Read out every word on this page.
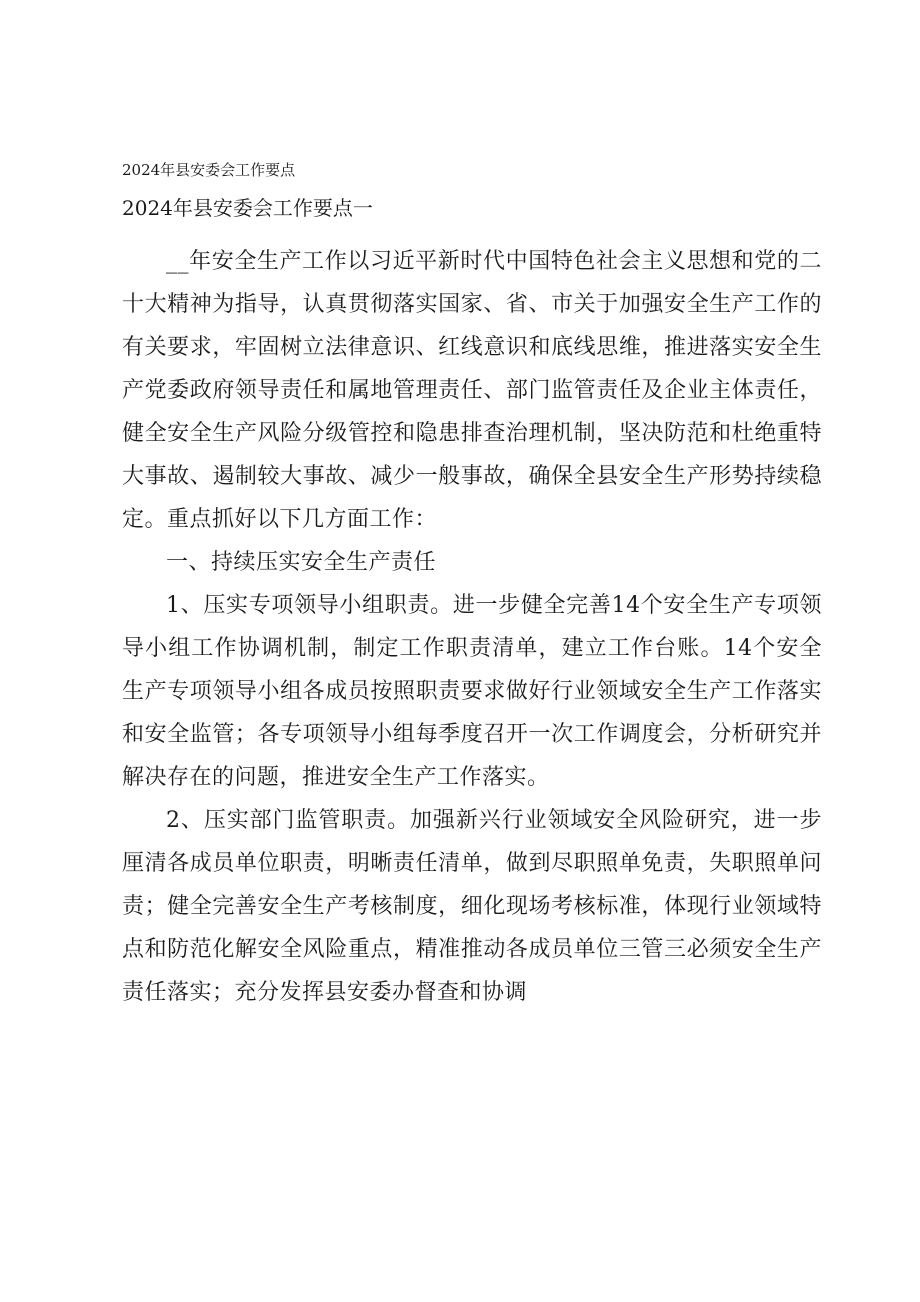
2024年县安委会工作要点
2024年县安委会工作要点一

__年安全生产工作以习近平新时代中国特色社会主义思想和党的二十大精神为指导，认真贯彻落实国家、省、市关于加强安全生产工作的有关要求，牢固树立法律意识、红线意识和底线思维，推进落实安全生产党委政府领导责任和属地管理责任、部门监管责任及企业主体责任，健全安全生产风险分级管控和隐患排查治理机制，坚决防范和杜绝重特大事故、遏制较大事故、减少一般事故，确保全县安全生产形势持续稳定。重点抓好以下几方面工作：

一、持续压实安全生产责任

1、压实专项领导小组职责。进一步健全完善14个安全生产专项领导小组工作协调机制，制定工作职责清单，建立工作台账。14个安全生产专项领导小组各成员按照职责要求做好行业领域安全生产工作落实和安全监管；各专项领导小组每季度召开一次工作调度会，分析研究并解决存在的问题，推进安全生产工作落实。

2、压实部门监管职责。加强新兴行业领域安全风险研究，进一步厘清各成员单位职责，明晰责任清单，做到尽职照单免责，失职照单问责；健全完善安全生产考核制度，细化现场考核标准，体现行业领域特点和防范化解安全风险重点，精准推动各成员单位三管三必须安全生产责任落实；充分发挥县安委办督查和协调
